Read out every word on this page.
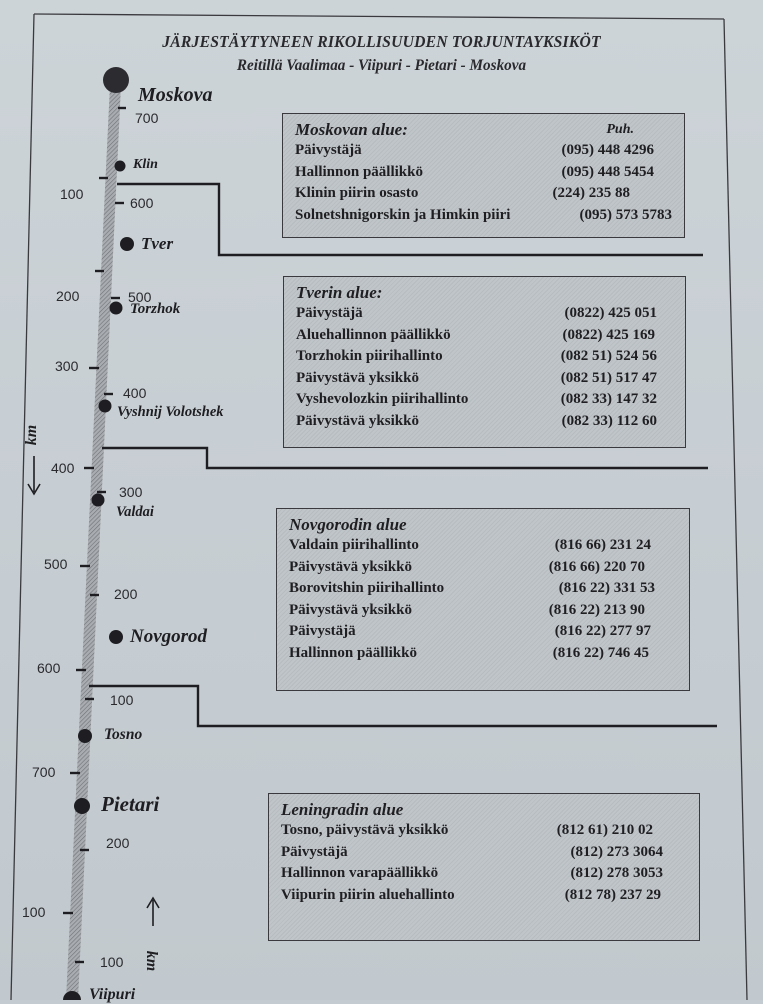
JÄRJESTÄYTYNEEN RIKOLLISUUDEN TORJUNTAYKSIKÖT
Reitillä Vaalimaa - Viipuri - Pietari - Moskova
Moskova
Klin
Tver
Torzhok
Vyshnij Volotshek
Valdai
Novgorod
Tosno
Pietari
Viipuri
700
600
500
400
300
200
100
200
100
100
200
300
400
500
600
700
100
km
km
Moskovan alue:	Puh.
Päivystäjä	(095) 448 4296
Hallinnon päällikkö	(095) 448 5454
Klinin piirin osasto	(224) 235 88
Solnetshnigorskin ja Himkin piiri	(095) 573 5783
Tverin alue:
Päivystäjä	(0822) 425 051
Aluehallinnon päällikkö	(0822) 425 169
Torzhokin piirihallinto	(082 51) 524 56
Päivystävä yksikkö	(082 51) 517 47
Vyshevolozkin piirihallinto	(082 33) 147 32
Päivystävä yksikkö	(082 33) 112 60
Novgorodin alue
Valdain piirihallinto	(816 66) 231 24
Päivystävä yksikkö	(816 66) 220 70
Borovitshin piirihallinto	(816 22) 331 53
Päivystävä yksikkö	(816 22) 213 90
Päivystäjä	(816 22) 277 97
Hallinnon päällikkö	(816 22) 746 45
Leningradin alue
Tosno, päivystävä yksikkö	(812 61) 210 02
Päivystäjä	(812) 273 3064
Hallinnon varapäällikkö	(812) 278 3053
Viipurin piirin aluehallinto	(812 78) 237 29
